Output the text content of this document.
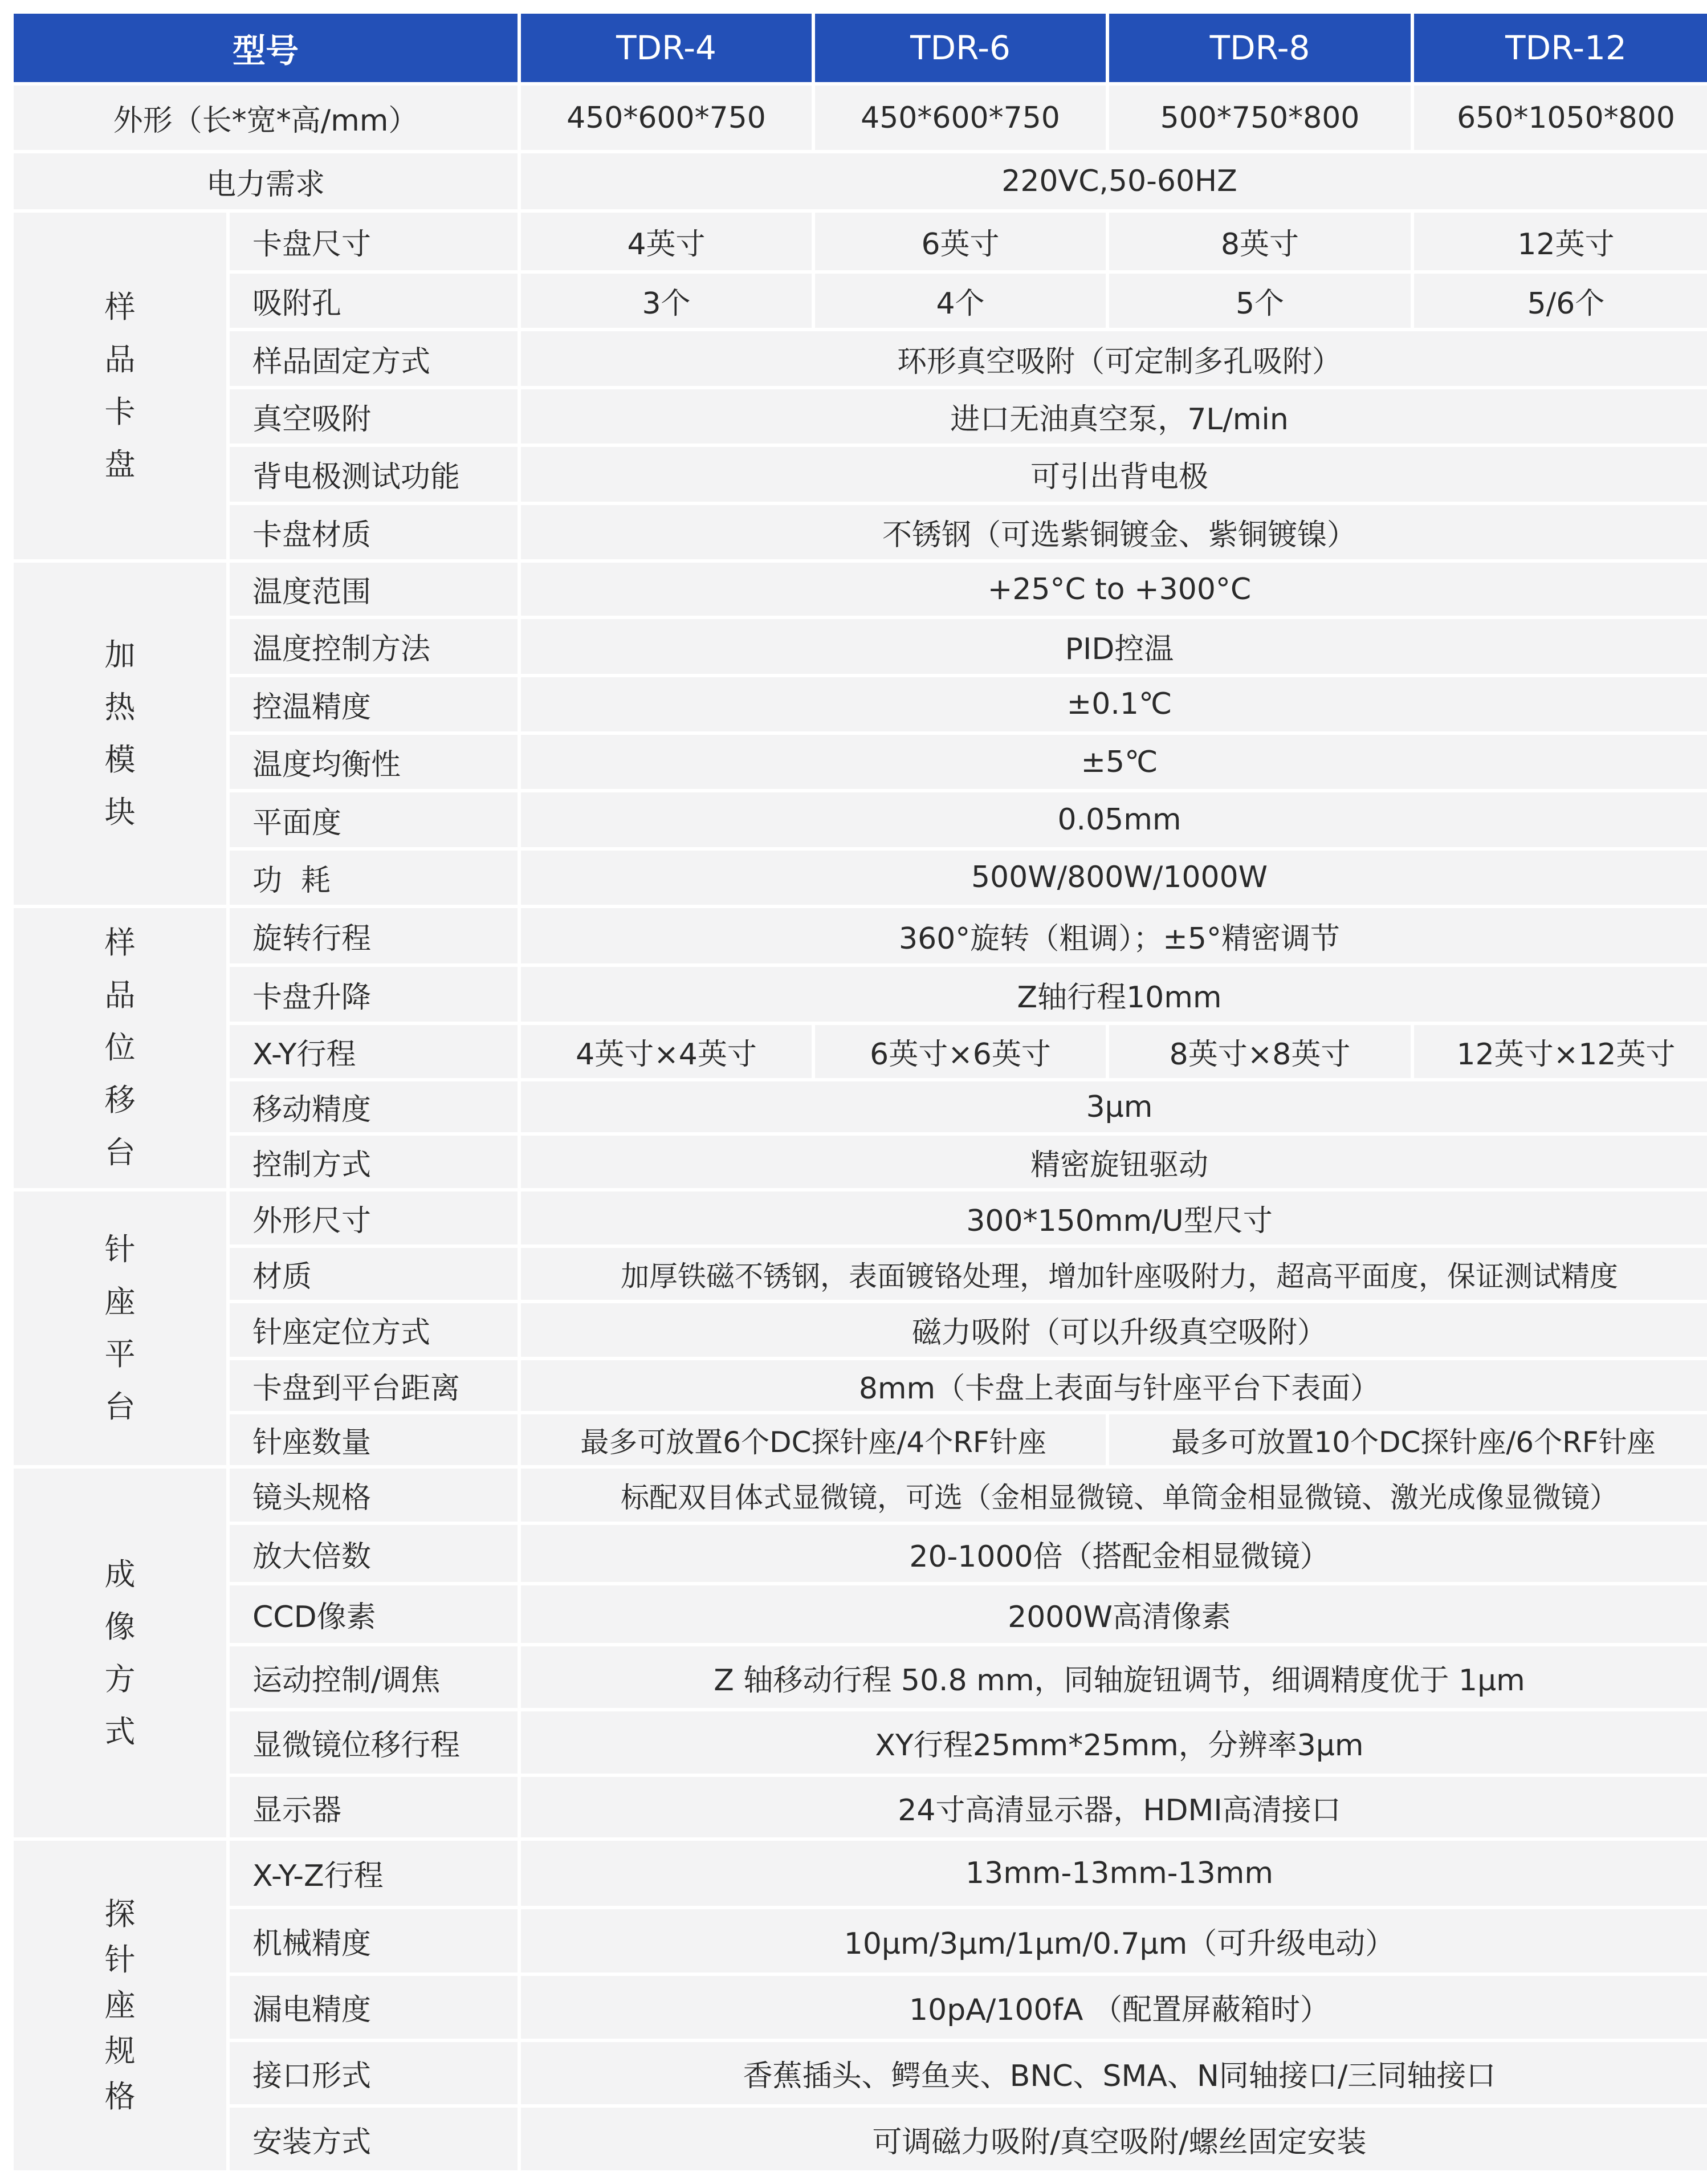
型号		TDR-4	TDR-6	TDR-8	TDR-12
外形（长*宽*高/mm）		450*600*750	450*600*750	500*750*800	650*1050*800
电力需求		220VC,50-60HZ			

样
品
卡
盘	卡盘尺寸	4英寸	6英寸	8英寸	12英寸
	吸附孔	3个	4个	5个	5/6个
	样品固定方式	环形真空吸附（可定制多孔吸附）			
	真空吸附	进口无油真空泵，7L/min			
	背电极测试功能	可引出背电极			
	卡盘材质	不锈钢（可选紫铜镀金、紫铜镀镍）			

加
热
模
块	温度范围	+25°C to +300°C			
	温度控制方法	PID控温			
	控温精度	±0.1℃			
	温度均衡性	±5℃			
	平面度	0.05mm			
	功  耗	500W/800W/1000W			

样
品
位
移
台	旋转行程	360°旋转（粗调）；±5°精密调节			
	卡盘升降	Z轴行程10mm			
	X-Y行程	4英寸×4英寸	6英寸×6英寸	8英寸×8英寸	12英寸×12英寸
	移动精度	3μm			
	控制方式	精密旋钮驱动			

针
座
平
台	外形尺寸	300*150mm/U型尺寸			
	材质	加厚铁磁不锈钢，表面镀铬处理，增加针座吸附力，超高平面度，保证测试精度			
	针座定位方式	磁力吸附（可以升级真空吸附）			
	卡盘到平台距离	8mm（卡盘上表面与针座平台下表面）			
	针座数量	最多可放置6个DC探针座/4个RF针座		最多可放置10个DC探针座/6个RF针座	

成
像
方
式	镜头规格	标配双目体式显微镜，可选（金相显微镜、单筒金相显微镜、激光成像显微镜）			
	放大倍数	20-1000倍（搭配金相显微镜）			
	CCD像素	2000W高清像素			
	运动控制/调焦	Z 轴移动行程 50.8 mm，同轴旋钮调节，细调精度优于 1μm			
	显微镜位移行程	XY行程25mm*25mm，分辨率3μm			
	显示器	24寸高清显示器，HDMI高清接口			

探
针
座
规
格	X-Y-Z行程	13mm-13mm-13mm			
	机械精度	10μm/3μm/1μm/0.7μm（可升级电动）			
	漏电精度	10pA/100fA （配置屏蔽箱时）			
	接口形式	香蕉插头、鳄鱼夹、BNC、SMA、N同轴接口/三同轴接口			
	安装方式	可调磁力吸附/真空吸附/螺丝固定安装			
